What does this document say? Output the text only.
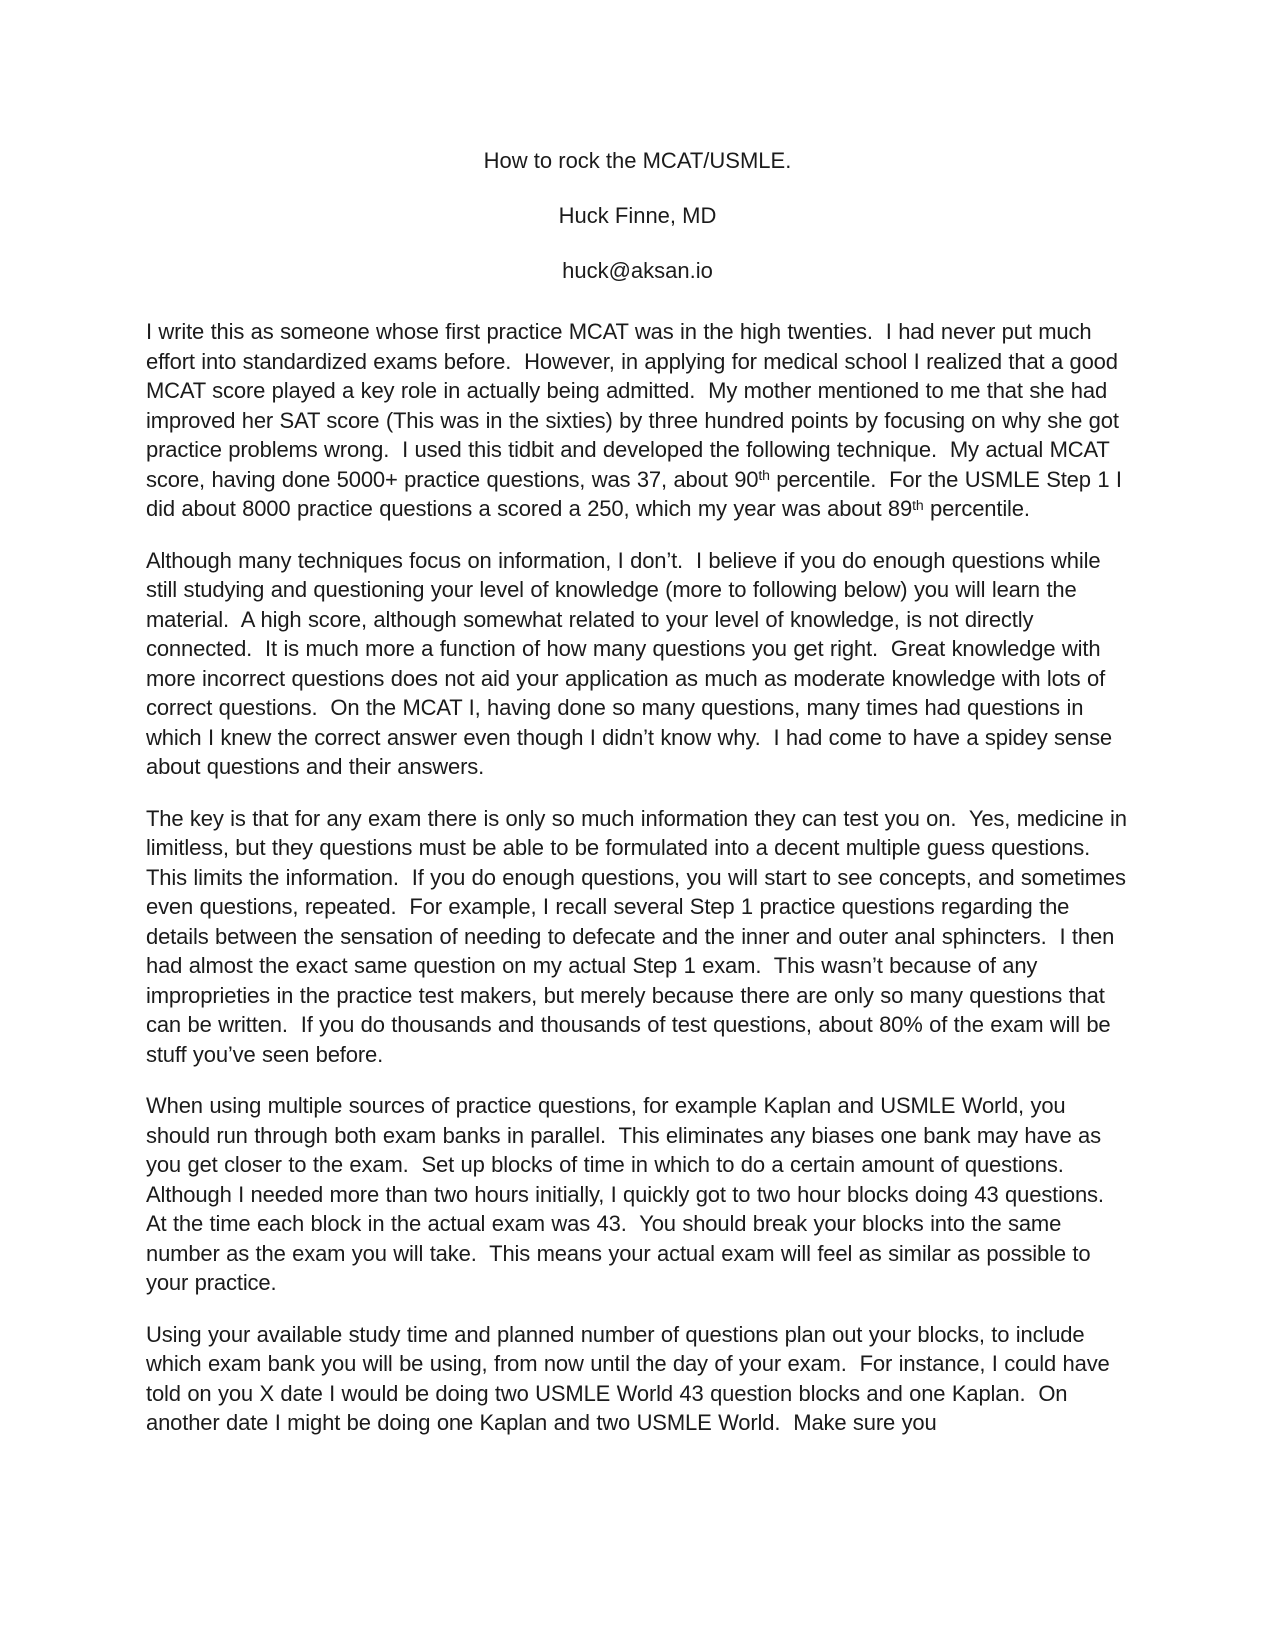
How to rock the MCAT/USMLE.

Huck Finne, MD

huck@aksan.io

I write this as someone whose first practice MCAT was in the high twenties.  I had never put much effort into standardized exams before.  However, in applying for medical school I realized that a good MCAT score played a key role in actually being admitted.  My mother mentioned to me that she had improved her SAT score (This was in the sixties) by three hundred points by focusing on why she got practice problems wrong.  I used this tidbit and developed the following technique.  My actual MCAT score, having done 5000+ practice questions, was 37, about 90th percentile.  For the USMLE Step 1 I did about 8000 practice questions a scored a 250, which my year was about 89th percentile.

Although many techniques focus on information, I don’t.  I believe if you do enough questions while still studying and questioning your level of knowledge (more to following below) you will learn the material.  A high score, although somewhat related to your level of knowledge, is not directly connected.  It is much more a function of how many questions you get right.  Great knowledge with more incorrect questions does not aid your application as much as moderate knowledge with lots of correct questions.  On the MCAT I, having done so many questions, many times had questions in which I knew the correct answer even though I didn’t know why.  I had come to have a spidey sense about questions and their answers.

The key is that for any exam there is only so much information they can test you on.  Yes, medicine in limitless, but they questions must be able to be formulated into a decent multiple guess questions.  This limits the information.  If you do enough questions, you will start to see concepts, and sometimes even questions, repeated.  For example, I recall several Step 1 practice questions regarding the details between the sensation of needing to defecate and the inner and outer anal sphincters.  I then had almost the exact same question on my actual Step 1 exam.  This wasn’t because of any improprieties in the practice test makers, but merely because there are only so many questions that can be written.  If you do thousands and thousands of test questions, about 80% of the exam will be stuff you’ve seen before.

When using multiple sources of practice questions, for example Kaplan and USMLE World, you should run through both exam banks in parallel.  This eliminates any biases one bank may have as you get closer to the exam.  Set up blocks of time in which to do a certain amount of questions.  Although I needed more than two hours initially, I quickly got to two hour blocks doing 43 questions.  At the time each block in the actual exam was 43.  You should break your blocks into the same number as the exam you will take.  This means your actual exam will feel as similar as possible to your practice.

Using your available study time and planned number of questions plan out your blocks, to include which exam bank you will be using, from now until the day of your exam.  For instance, I could have told on you X date I would be doing two USMLE World 43 question blocks and one Kaplan.  On another date I might be doing one Kaplan and two USMLE World.  Make sure you
